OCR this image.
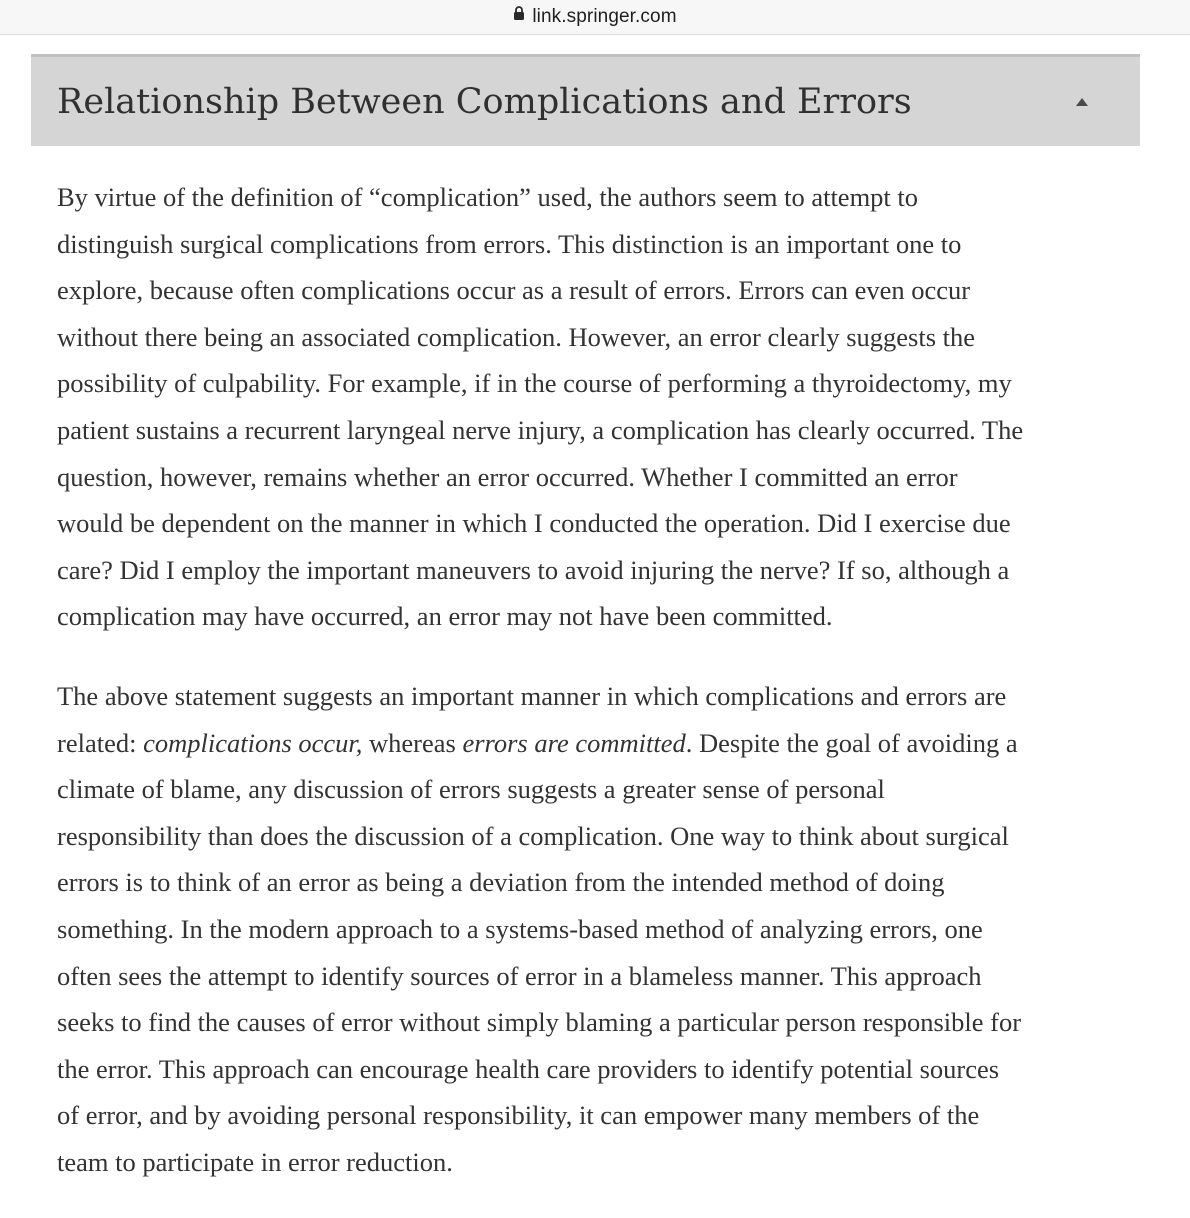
link.springer.com
Relationship Between Complications and Errors

By virtue of the definition of “complication” used, the authors seem to attempt to
distinguish surgical complications from errors. This distinction is an important one to
explore, because often complications occur as a result of errors. Errors can even occur
without there being an associated complication. However, an error clearly suggests the
possibility of culpability. For example, if in the course of performing a thyroidectomy, my
patient sustains a recurrent laryngeal nerve injury, a complication has clearly occurred. The
question, however, remains whether an error occurred. Whether I committed an error
would be dependent on the manner in which I conducted the operation. Did I exercise due
care? Did I employ the important maneuvers to avoid injuring the nerve? If so, although a
complication may have occurred, an error may not have been committed.

The above statement suggests an important manner in which complications and errors are
related: complications occur, whereas errors are committed. Despite the goal of avoiding a
climate of blame, any discussion of errors suggests a greater sense of personal
responsibility than does the discussion of a complication. One way to think about surgical
errors is to think of an error as being a deviation from the intended method of doing
something. In the modern approach to a systems-based method of analyzing errors, one
often sees the attempt to identify sources of error in a blameless manner. This approach
seeks to find the causes of error without simply blaming a particular person responsible for
the error. This approach can encourage health care providers to identify potential sources
of error, and by avoiding personal responsibility, it can empower many members of the
team to participate in error reduction.
